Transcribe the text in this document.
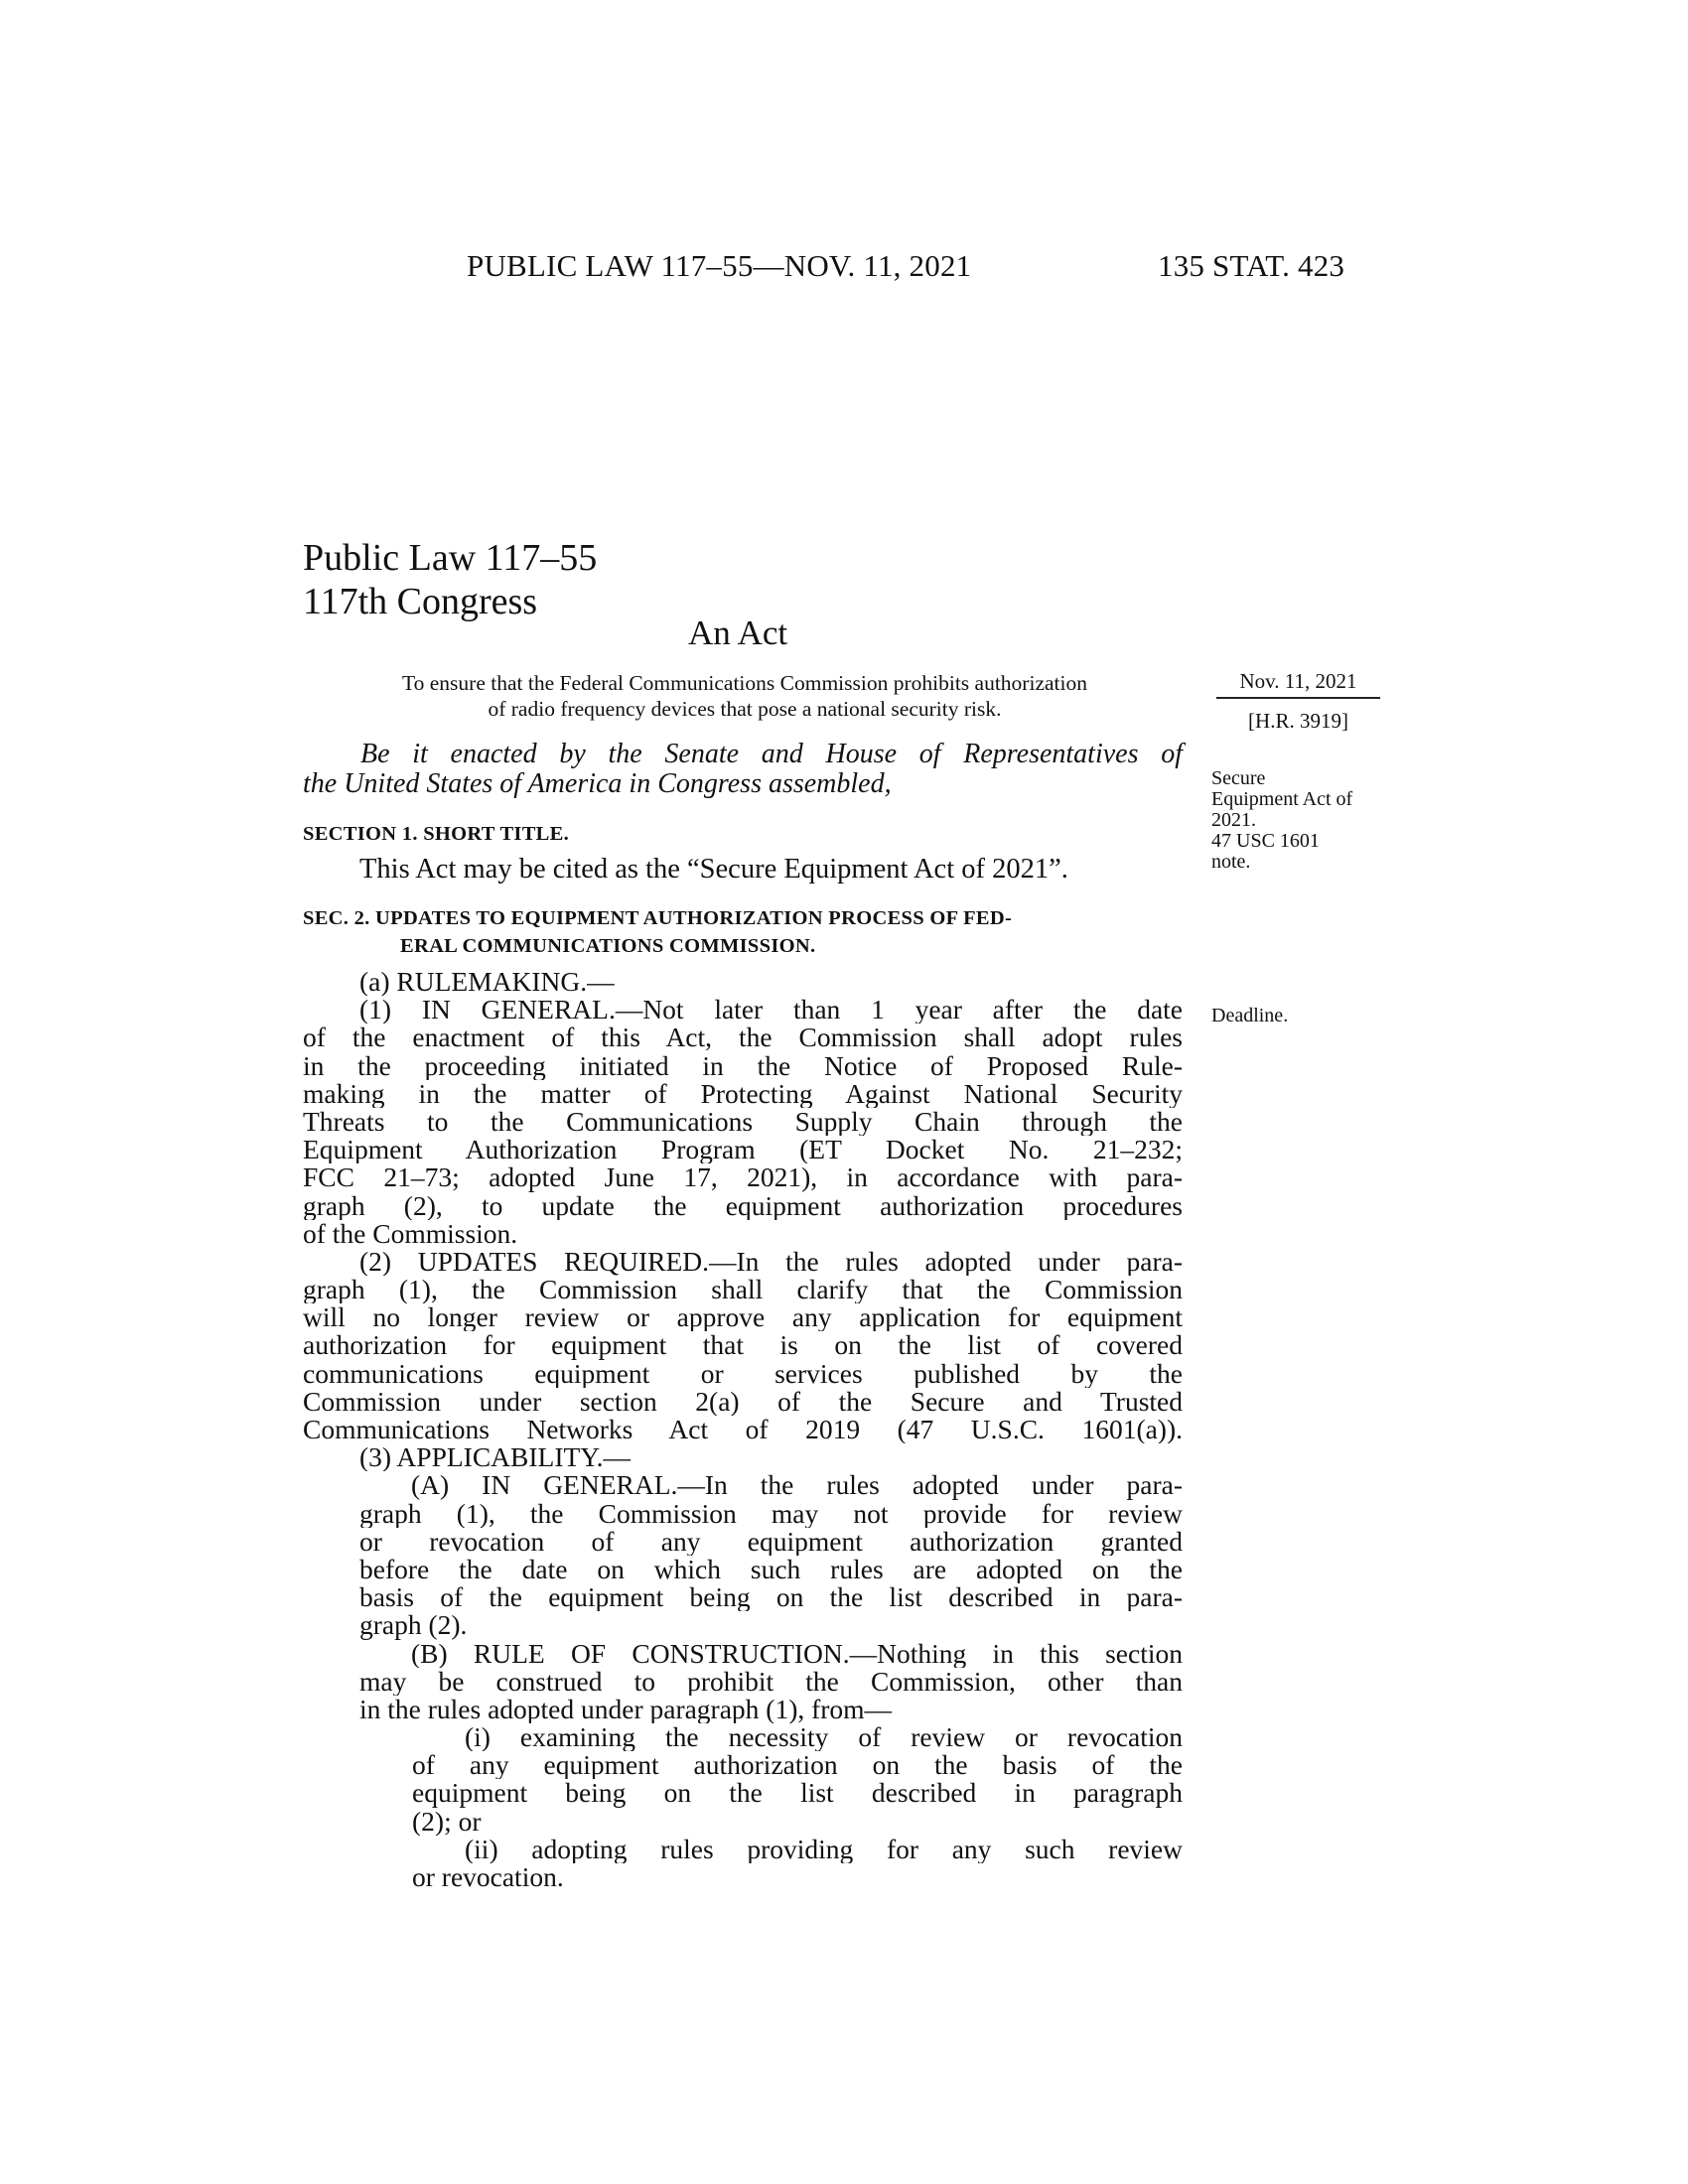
PUBLIC LAW 117–55—NOV. 11, 2021	135 STAT. 423
Public Law 117–55
117th Congress
An Act
To ensure that the Federal Communications Commission prohibits authorization
of radio frequency devices that pose a national security risk.
Nov. 11, 2021
[H.R. 3919]
Secure
Equipment Act of
2021.
47 USC 1601
note.
Deadline.
Be it enacted by the Senate and House of Representatives of
the United States of America in Congress assembled,
SECTION 1. SHORT TITLE.
This Act may be cited as the “Secure Equipment Act of 2021”.
SEC. 2. UPDATES TO EQUIPMENT AUTHORIZATION PROCESS OF FED-
ERAL COMMUNICATIONS COMMISSION.
(a) RULEMAKING.—
(1) IN GENERAL.—Not later than 1 year after the date
of the enactment of this Act, the Commission shall adopt rules
in the proceeding initiated in the Notice of Proposed Rule-
making in the matter of Protecting Against National Security
Threats to the Communications Supply Chain through the
Equipment Authorization Program (ET Docket No. 21–232;
FCC 21–73; adopted June 17, 2021), in accordance with para-
graph (2), to update the equipment authorization procedures
of the Commission.
(2) UPDATES REQUIRED.—In the rules adopted under para-
graph (1), the Commission shall clarify that the Commission
will no longer review or approve any application for equipment
authorization for equipment that is on the list of covered
communications equipment or services published by the
Commission under section 2(a) of the Secure and Trusted
Communications Networks Act of 2019 (47 U.S.C. 1601(a)).
(3) APPLICABILITY.—
(A) IN GENERAL.—In the rules adopted under para-
graph (1), the Commission may not provide for review
or revocation of any equipment authorization granted
before the date on which such rules are adopted on the
basis of the equipment being on the list described in para-
graph (2).
(B) RULE OF CONSTRUCTION.—Nothing in this section
may be construed to prohibit the Commission, other than
in the rules adopted under paragraph (1), from—
(i) examining the necessity of review or revocation
of any equipment authorization on the basis of the
equipment being on the list described in paragraph
(2); or
(ii) adopting rules providing for any such review
or revocation.
